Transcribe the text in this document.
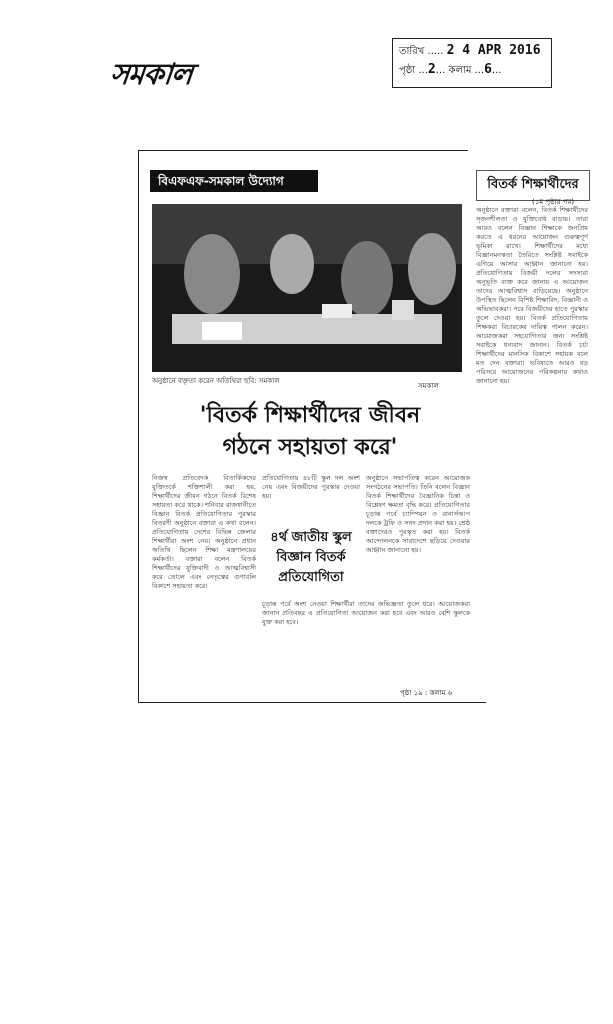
সমকাল
তারিখ ..... 2 4 APR 2016
পৃষ্ঠা ...2... কলাম ...6...
বিএফএফ-সমকাল উদ্যোগ
অনুষ্ঠানে বক্তৃতা করেন অতিথিরা ছবি: সমকাল
সমকাল
'বিতর্ক শিক্ষার্থীদের জীবন
গঠনে সহায়তা করে'
নিজস্ব প্রতিবেদক বিতার্কিকদের যুক্তিতর্কে শক্তিশালী করা হয়, শিক্ষার্থীদের জীবন গঠনে বিতর্ক বিশেষ সহায়তা করে থাকে। শনিবার রাজধানীতে বিজ্ঞান বিতর্ক প্রতিযোগিতার পুরস্কার বিতরণী অনুষ্ঠানে বক্তারা এ কথা বলেন। প্রতিযোগিতায় দেশের বিভিন্ন জেলার শিক্ষার্থীরা অংশ নেয়। অনুষ্ঠানে প্রধান অতিথি ছিলেন শিক্ষা মন্ত্রণালয়ের কর্মকর্তা। বক্তারা বলেন বিতর্ক শিক্ষার্থীদের যুক্তিবাদী ও আত্মবিশ্বাসী করে তোলে এবং নেতৃত্বের গুণাবলি বিকাশে সহায়তা করে।
প্রতিযোগিতায় ৪৮টি স্কুল দল অংশ নেয় এবং বিজয়ীদের পুরস্কার দেওয়া হয়।
৪র্থ জাতীয় স্কুল বিজ্ঞান বিতর্ক প্রতিযোগিতা
অনুষ্ঠানে সভাপতিত্ব করেন আয়োজক সংগঠনের সভাপতি। তিনি বলেন বিজ্ঞান বিতর্ক শিক্ষার্থীদের বৈজ্ঞানিক চিন্তা ও বিশ্লেষণ ক্ষমতা বৃদ্ধি করে। প্রতিযোগিতার চূড়ান্ত পর্বে চ্যাম্পিয়ন ও রানার্সআপ দলকে ট্রফি ও সনদ প্রদান করা হয়। শ্রেষ্ঠ বক্তাদেরও পুরস্কৃত করা হয়। বিতর্ক আন্দোলনকে সারাদেশে ছড়িয়ে দেওয়ার আহ্বান জানানো হয়।
চূড়ান্ত পর্বে অংশ নেওয়া শিক্ষার্থীরা তাদের অভিজ্ঞতা তুলে ধরে। আয়োজকরা জানান প্রতিবছর এ প্রতিযোগিতা আয়োজন করা হবে এবং আরও বেশি স্কুলকে যুক্ত করা হবে।
পৃষ্ঠা ১৯ : কলাম ৬
বিতর্ক শিক্ষার্থীদের
(১ম পৃষ্ঠার পর)
অনুষ্ঠানে বক্তারা বলেন, বিতর্ক শিক্ষার্থীদের সৃজনশীলতা ও যুক্তিবোধ বাড়ায়। তারা আরও বলেন বিজ্ঞান শিক্ষাকে জনপ্রিয় করতে এ ধরনের আয়োজন গুরুত্বপূর্ণ ভূমিকা রাখে। শিক্ষার্থীদের মধ্যে বিজ্ঞানমনস্কতা তৈরিতে সংশ্লিষ্ট সবাইকে এগিয়ে আসার আহ্বান জানানো হয়। প্রতিযোগিতায় বিজয়ী দলের সদস্যরা অনুভূতি ব্যক্ত করে জানায় এ আয়োজন তাদের আত্মবিশ্বাস বাড়িয়েছে। অনুষ্ঠানে উপস্থিত ছিলেন বিশিষ্ট শিক্ষাবিদ, বিজ্ঞানী ও অভিভাবকরা। পরে বিজয়ীদের হাতে পুরস্কার তুলে দেওয়া হয়। বিতর্ক প্রতিযোগিতায় শিক্ষকরা বিচারকের দায়িত্ব পালন করেন। আয়োজকরা সহযোগিতার জন্য সংশ্লিষ্ট সবাইকে ধন্যবাদ জানান। বিতর্ক চর্চা শিক্ষার্থীদের মানসিক বিকাশে সহায়ক বলে মত দেন বক্তারা। ভবিষ্যতে আরও বড় পরিসরে আয়োজনের পরিকল্পনার কথাও জানানো হয়।
